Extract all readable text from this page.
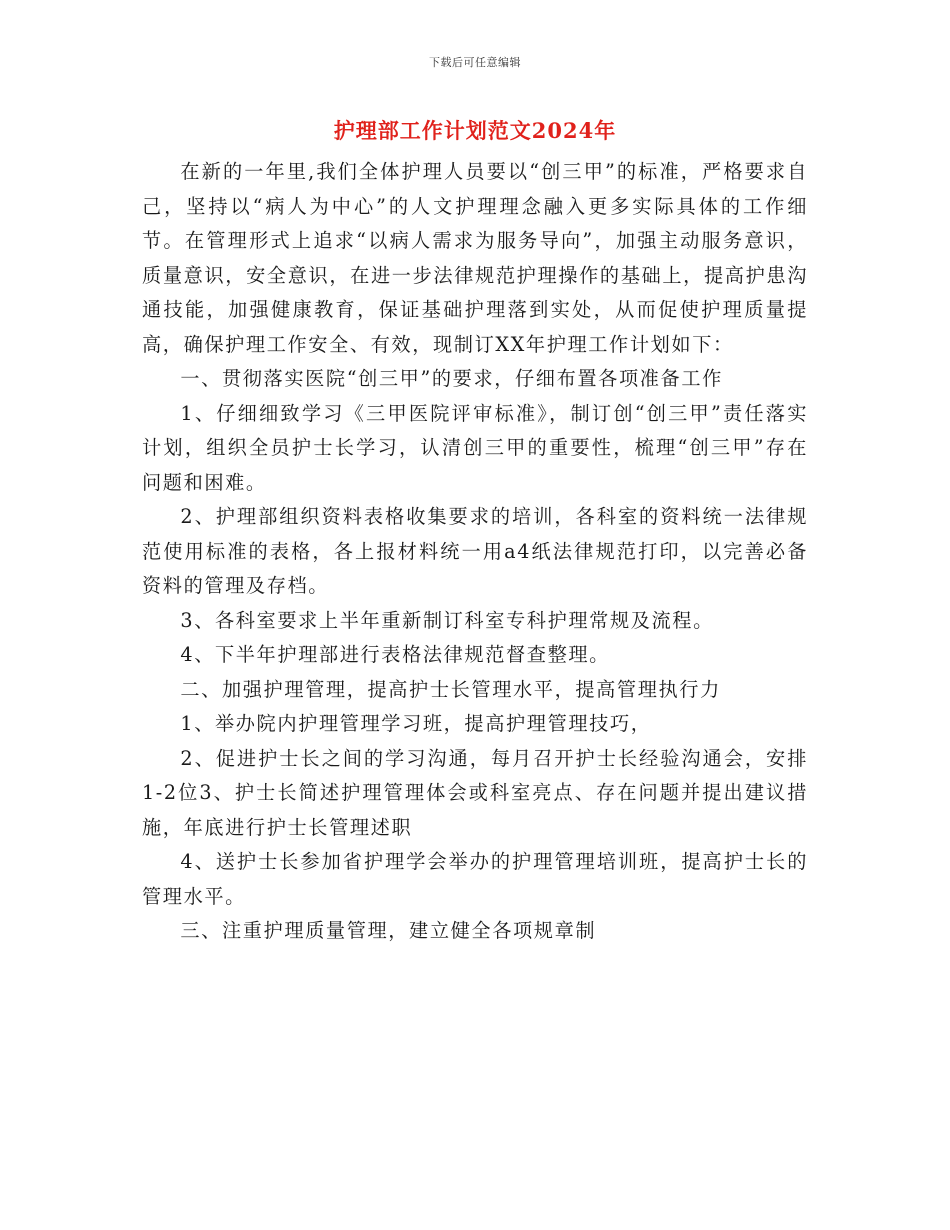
下载后可任意编辑
护理部工作计划范文2024年

在新的一年里,我们全体护理人员要以“创三甲”的标准，严格要求自己，坚持以“病人为中心”的人文护理理念融入更多实际具体的工作细节。在管理形式上追求“以病人需求为服务导向”，加强主动服务意识，质量意识，安全意识，在进一步法律规范护理操作的基础上，提高护患沟通技能，加强健康教育，保证基础护理落到实处，从而促使护理质量提高，确保护理工作安全、有效，现制订XX年护理工作计划如下：

一、贯彻落实医院“创三甲”的要求，仔细布置各项准备工作

1、仔细细致学习《三甲医院评审标准》，制订创“创三甲”责任落实计划，组织全员护士长学习，认清创三甲的重要性，梳理“创三甲”存在问题和困难。

2、护理部组织资料表格收集要求的培训，各科室的资料统一法律规范使用标准的表格，各上报材料统一用a4纸法律规范打印，以完善必备资料的管理及存档。

3、各科室要求上半年重新制订科室专科护理常规及流程。

4、下半年护理部进行表格法律规范督查整理。

二、加强护理管理，提高护士长管理水平，提高管理执行力

1、举办院内护理管理学习班，提高护理管理技巧，

2、促进护士长之间的学习沟通，每月召开护士长经验沟通会，安排1-2位3、护士长简述护理管理体会或科室亮点、存在问题并提出建议措施，年底进行护士长管理述职

4、送护士长参加省护理学会举办的护理管理培训班，提高护士长的管理水平。

三、注重护理质量管理，建立健全各项规章制
